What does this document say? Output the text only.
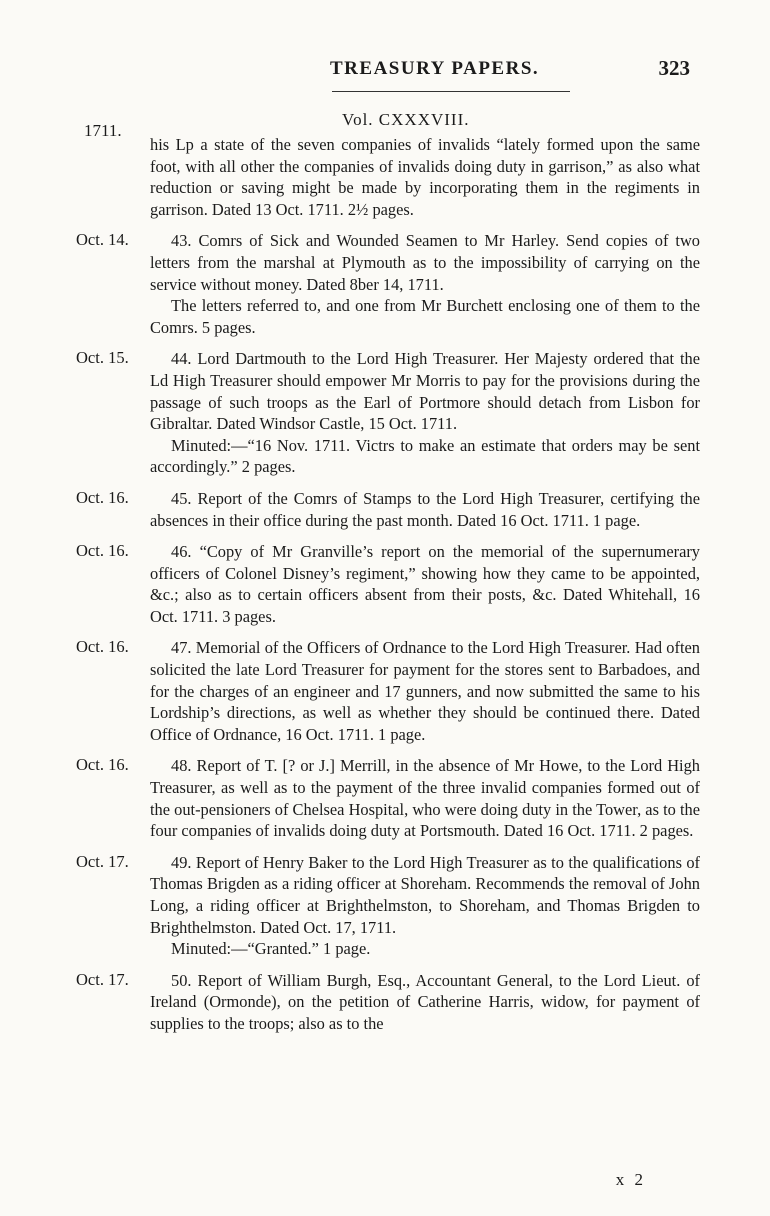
TREASURY PAPERS.	323
Vol. CXXXVIII.
1711.

his Lp a state of the seven companies of invalids “lately formed upon the same foot, with all other the companies of invalids doing duty in garrison,” as also what reduction or saving might be made by incorporating them in the regiments in garrison. Dated 13 Oct. 1711. 2½ pages.

Oct. 14.	43. Comrs of Sick and Wounded Seamen to Mr Harley. Send copies of two letters from the marshal at Plymouth as to the impossibility of carrying on the service without money. Dated 8ber 14, 1711.

The letters referred to, and one from Mr Burchett enclosing one of them to the Comrs. 5 pages.

Oct. 15.	44. Lord Dartmouth to the Lord High Treasurer. Her Majesty ordered that the Ld High Treasurer should empower Mr Morris to pay for the provisions during the passage of such troops as the Earl of Portmore should detach from Lisbon for Gibraltar. Dated Windsor Castle, 15 Oct. 1711.

Minuted:—“16 Nov. 1711. Victrs to make an estimate that orders may be sent accordingly.” 2 pages.

Oct. 16.	45. Report of the Comrs of Stamps to the Lord High Treasurer, certifying the absences in their office during the past month. Dated 16 Oct. 1711. 1 page.

Oct. 16.	46. “Copy of Mr Granville’s report on the memorial of the supernumerary officers of Colonel Disney’s regiment,” showing how they came to be appointed, &c.; also as to certain officers absent from their posts, &c. Dated Whitehall, 16 Oct. 1711. 3 pages.

Oct. 16.	47. Memorial of the Officers of Ordnance to the Lord High Treasurer. Had often solicited the late Lord Treasurer for payment for the stores sent to Barbadoes, and for the charges of an engineer and 17 gunners, and now submitted the same to his Lordship’s directions, as well as whether they should be continued there. Dated Office of Ordnance, 16 Oct. 1711. 1 page.

Oct. 16.	48. Report of T. [? or J.] Merrill, in the absence of Mr Howe, to the Lord High Treasurer, as well as to the payment of the three invalid companies formed out of the out-pensioners of Chelsea Hospital, who were doing duty in the Tower, as to the four companies of invalids doing duty at Portsmouth. Dated 16 Oct. 1711. 2 pages.

Oct. 17.	49. Report of Henry Baker to the Lord High Treasurer as to the qualifications of Thomas Brigden as a riding officer at Shoreham. Recommends the removal of John Long, a riding officer at Brighthelmston, to Shoreham, and Thomas Brigden to Brighthelmston. Dated Oct. 17, 1711.

Minuted:—“Granted.” 1 page.

Oct. 17.	50. Report of William Burgh, Esq., Accountant General, to the Lord Lieut. of Ireland (Ormonde), on the petition of Catherine Harris, widow, for payment of supplies to the troops; also as to the

x 2
